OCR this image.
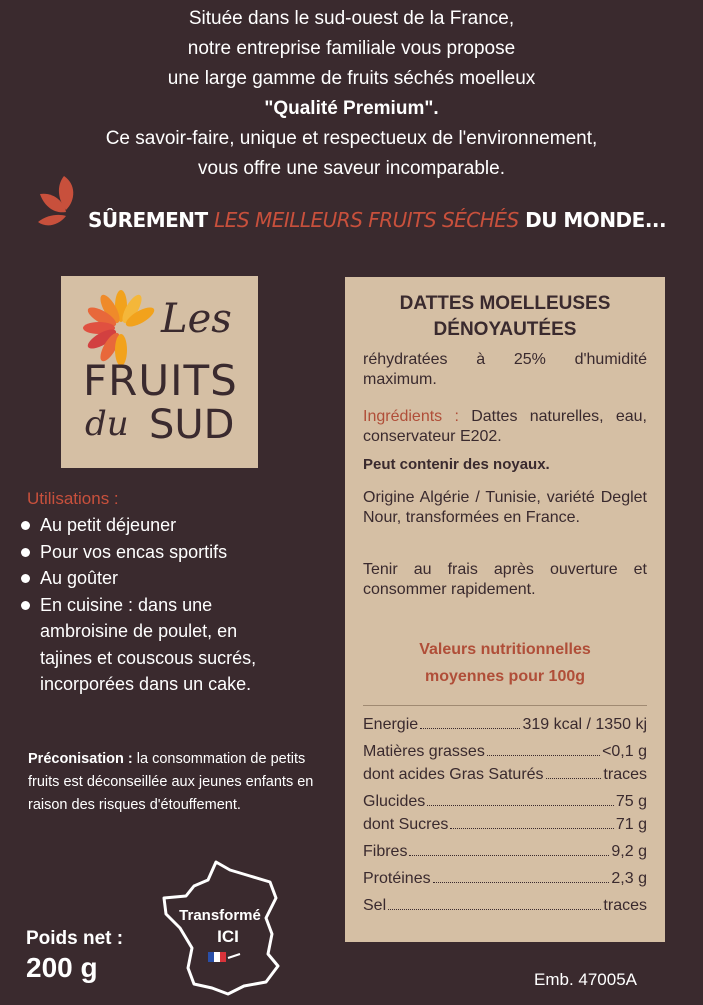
Située dans le sud-ouest de la France,
notre entreprise familiale vous propose
une large gamme de fruits séchés moelleux
"Qualité Premium".
Ce savoir-faire, unique et respectueux de l'environnement,
vous offre une saveur incomparable.
SÛREMENT LES MEILLEURS FRUITS SÉCHÉS DU MONDE...
Les
FRUITS
du SUD
Utilisations :
Au petit déjeuner
Pour vos encas sportifs
Au goûter
En cuisine : dans une ambroisine de poulet, en tajines et couscous sucrés, incorporées dans un cake.
Préconisation : la consommation de petits fruits est déconseillée aux jeunes enfants en raison des risques d'étouffement.
Transformé
ICI
Poids net :
200 g	Emb. 47005A
DATTES MOELLEUSES
DÉNOYAUTÉES
réhydratées à 25% d'humidité maximum.
Ingrédients : Dattes naturelles, eau, conservateur E202.
Peut contenir des noyaux.
Origine Algérie / Tunisie, variété Deglet Nour, transformées en France.
Tenir au frais après ouverture et consommer rapidement.
Valeurs nutritionnelles
moyennes pour 100g
Energie	319 kcal / 1350 kj
Matières grasses	<0,1 g
dont acides Gras Saturés	traces
Glucides	75 g
dont Sucres	71 g
Fibres	9,2 g
Protéines	2,3 g
Sel	traces
